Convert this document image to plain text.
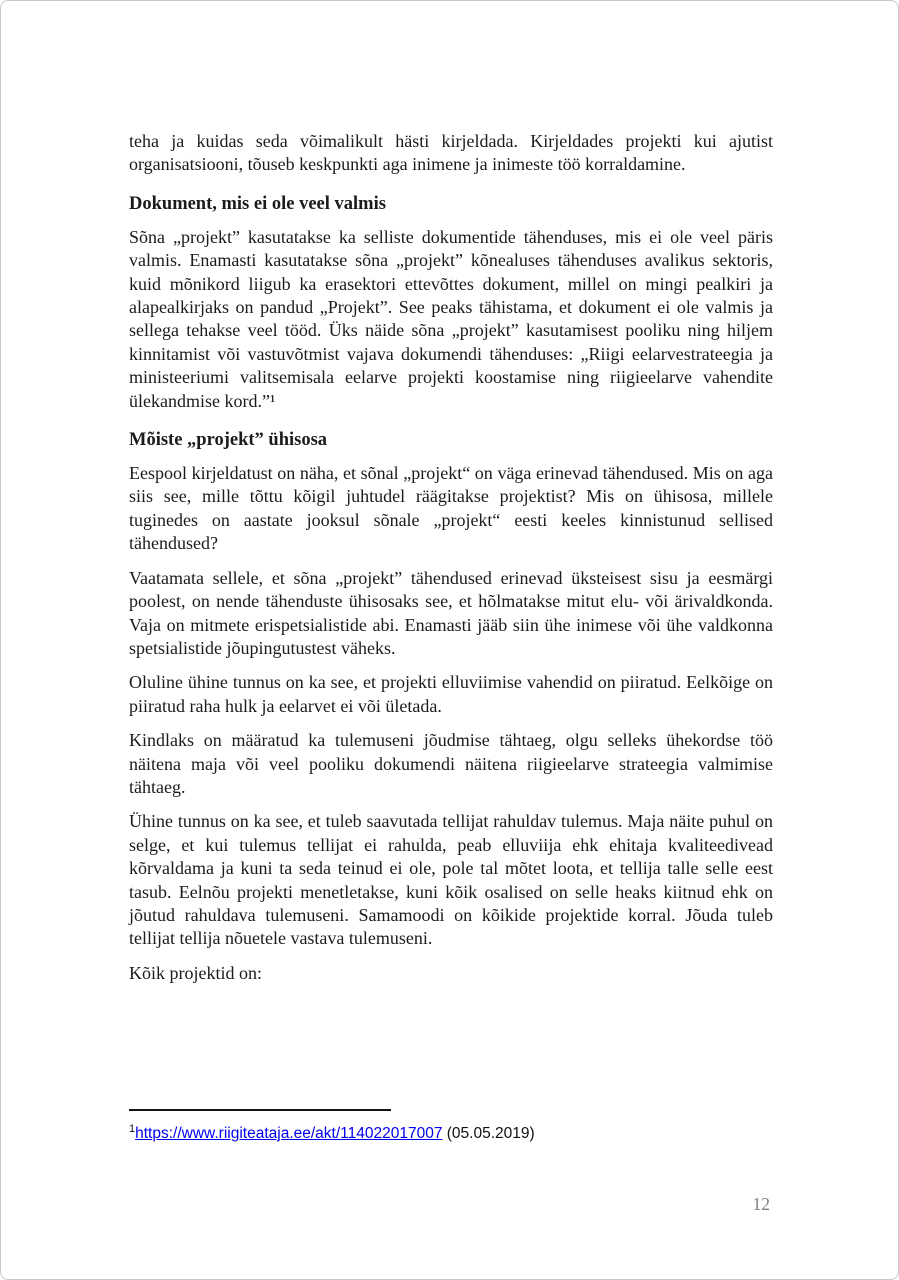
teha ja kuidas seda võimalikult hästi kirjeldada. Kirjeldades projekti kui ajutist organisatsiooni, tõuseb keskpunkti aga inimene ja inimeste töö korraldamine.

Dokument, mis ei ole veel valmis

Sõna „projekt” kasutatakse ka selliste dokumentide tähenduses, mis ei ole veel päris valmis. Enamasti kasutatakse sõna „projekt” kõnealuses tähenduses avalikus sektoris, kuid mõnikord liigub ka erasektori ettevõttes dokument, millel on mingi pealkiri ja alapealkirjaks on pandud „Projekt”. See peaks tähistama, et dokument ei ole valmis ja sellega tehakse veel tööd. Üks näide sõna „projekt” kasutamisest pooliku ning hiljem kinnitamist või vastuvõtmist vajava dokumendi tähenduses: „Riigi eelarvestrateegia ja ministeeriumi valitsemisala eelarve projekti koostamise ning riigieelarve vahendite ülekandmise kord.”¹

Mõiste „projekt” ühisosa

Eespool kirjeldatust on näha, et sõnal „projekt“ on väga erinevad tähendused. Mis on aga siis see, mille tõttu kõigil juhtudel räägitakse projektist? Mis on ühisosa, millele tuginedes on aastate jooksul sõnale „projekt“ eesti keeles kinnistunud sellised tähendused?

Vaatamata sellele, et sõna „projekt” tähendused erinevad üksteisest sisu ja eesmärgi poolest, on nende tähenduste ühisosaks see, et hõlmatakse mitut elu- või ärivaldkonda. Vaja on mitmete erispetsialistide abi. Enamasti jääb siin ühe inimese või ühe valdkonna spetsialistide jõupingutustest väheks.

Oluline ühine tunnus on ka see, et projekti elluviimise vahendid on piiratud. Eelkõige on piiratud raha hulk ja eelarvet ei või ületada.

Kindlaks on määratud ka tulemuseni jõudmise tähtaeg, olgu selleks ühekordse töö näitena maja või veel pooliku dokumendi näitena riigieelarve strateegia valmimise tähtaeg.

Ühine tunnus on ka see, et tuleb saavutada tellijat rahuldav tulemus. Maja näite puhul on selge, et kui tulemus tellijat ei rahulda, peab elluviija ehk ehitaja kvaliteedivead kõrvaldama ja kuni ta seda teinud ei ole, pole tal mõtet loota, et tellija talle selle eest tasub. Eelnõu projekti menetletakse, kuni kõik osalised on selle heaks kiitnud ehk on jõutud rahuldava tulemuseni. Samamoodi on kõikide projektide korral. Jõuda tuleb tellijat tellija nõuetele vastava tulemuseni.

Kõik projektid on:

$^1$https://www.riigiteataja.ee/akt/114022017007 (05.05.2019)
12
